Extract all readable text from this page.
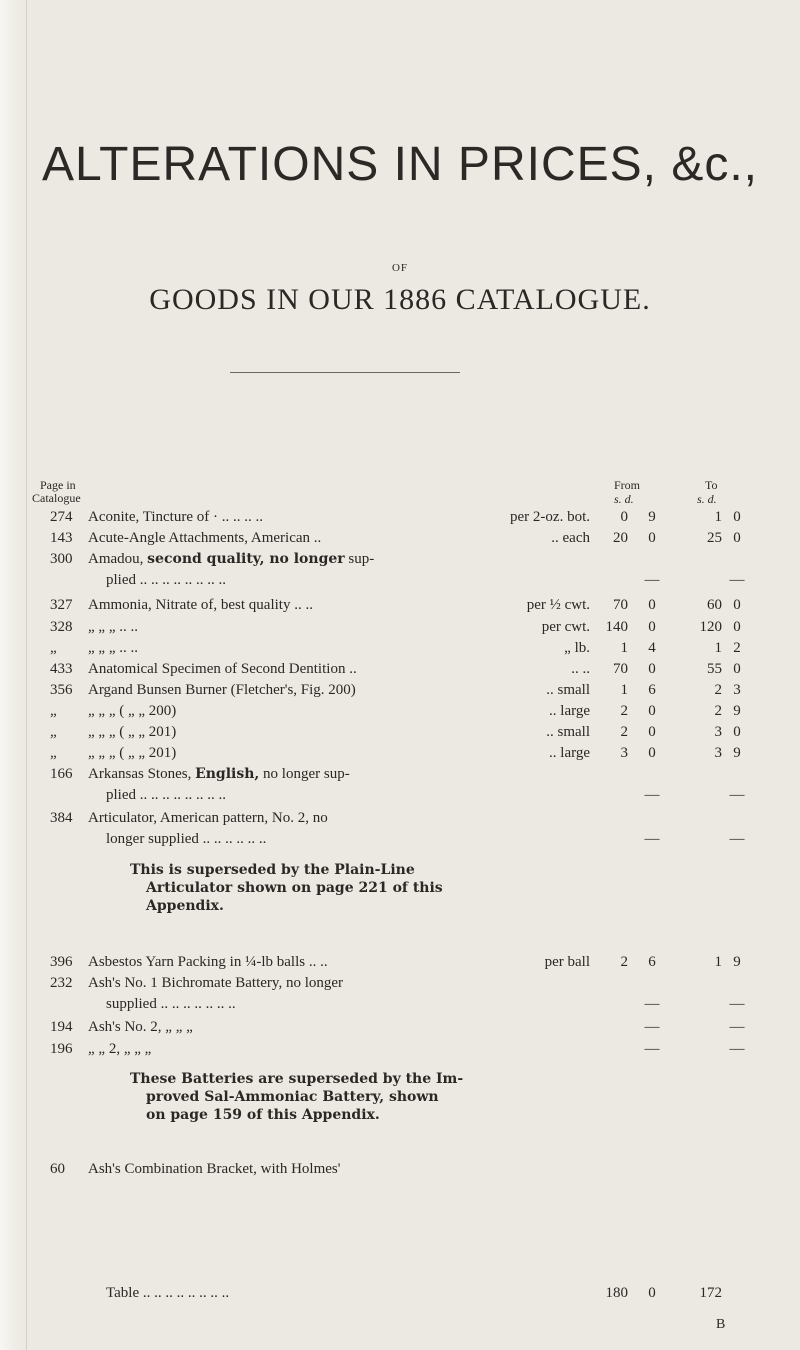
ALTERATIONS IN PRICES, &c.,
OF
GOODS IN OUR 1886 CATALOGUE.
Page in
Catalogue
From
s. d.
To
s. d.
274 Aconite, Tincture of · .. .. .. ..	per 2-oz. bot.	0	9	1 0
143 Acute-Angle Attachments, American ..	.. each	20	0	25 0
300 Amadou, second quality, no longer sup-
plied .. .. .. .. .. .. .. ..	—	—
327 Ammonia, Nitrate of, best quality .. ..	per ½ cwt.	70	0	60 0
328 „ „ „ .. ..	per cwt.	140	0	120 0
„ „ „ „ .. ..	„ lb.	1	4	1 2
433 Anatomical Specimen of Second Dentition ..	.. ..	70	0	55 0
356 Argand Bunsen Burner (Fletcher's, Fig. 200)	.. small	1	6	2 3
„ „ „ „ ( „ „ 200)	.. large	2	0	2 9
„ „ „ „ ( „ „ 201)	.. small	2	0	3 0
„ „ „ „ ( „ „ 201)	.. large	3	0	3 9
166 Arkansas Stones, English, no longer sup-
plied .. .. .. .. .. .. .. ..	—	—
384 Articulator, American pattern, No. 2, no
longer supplied .. .. .. .. .. ..	—	—
This is superseded by the Plain-Line
Articulator shown on page 221 of this
Appendix.
396 Asbestos Yarn Packing in ¼-lb balls .. ..	per ball	2	6	1 9
232 Ash's No. 1 Bichromate Battery, no longer
supplied .. .. .. .. .. .. ..	—	—
194 Ash's No. 2, „ „ „	—	—
196 „ „ 2, „ „ „	—	—
These Batteries are superseded by the Im-
proved Sal-Ammoniac Battery, shown
on page 159 of this Appendix.
60 Ash's Combination Bracket, with Holmes'
Table .. .. .. .. .. .. .. ..	180	0	172
B
